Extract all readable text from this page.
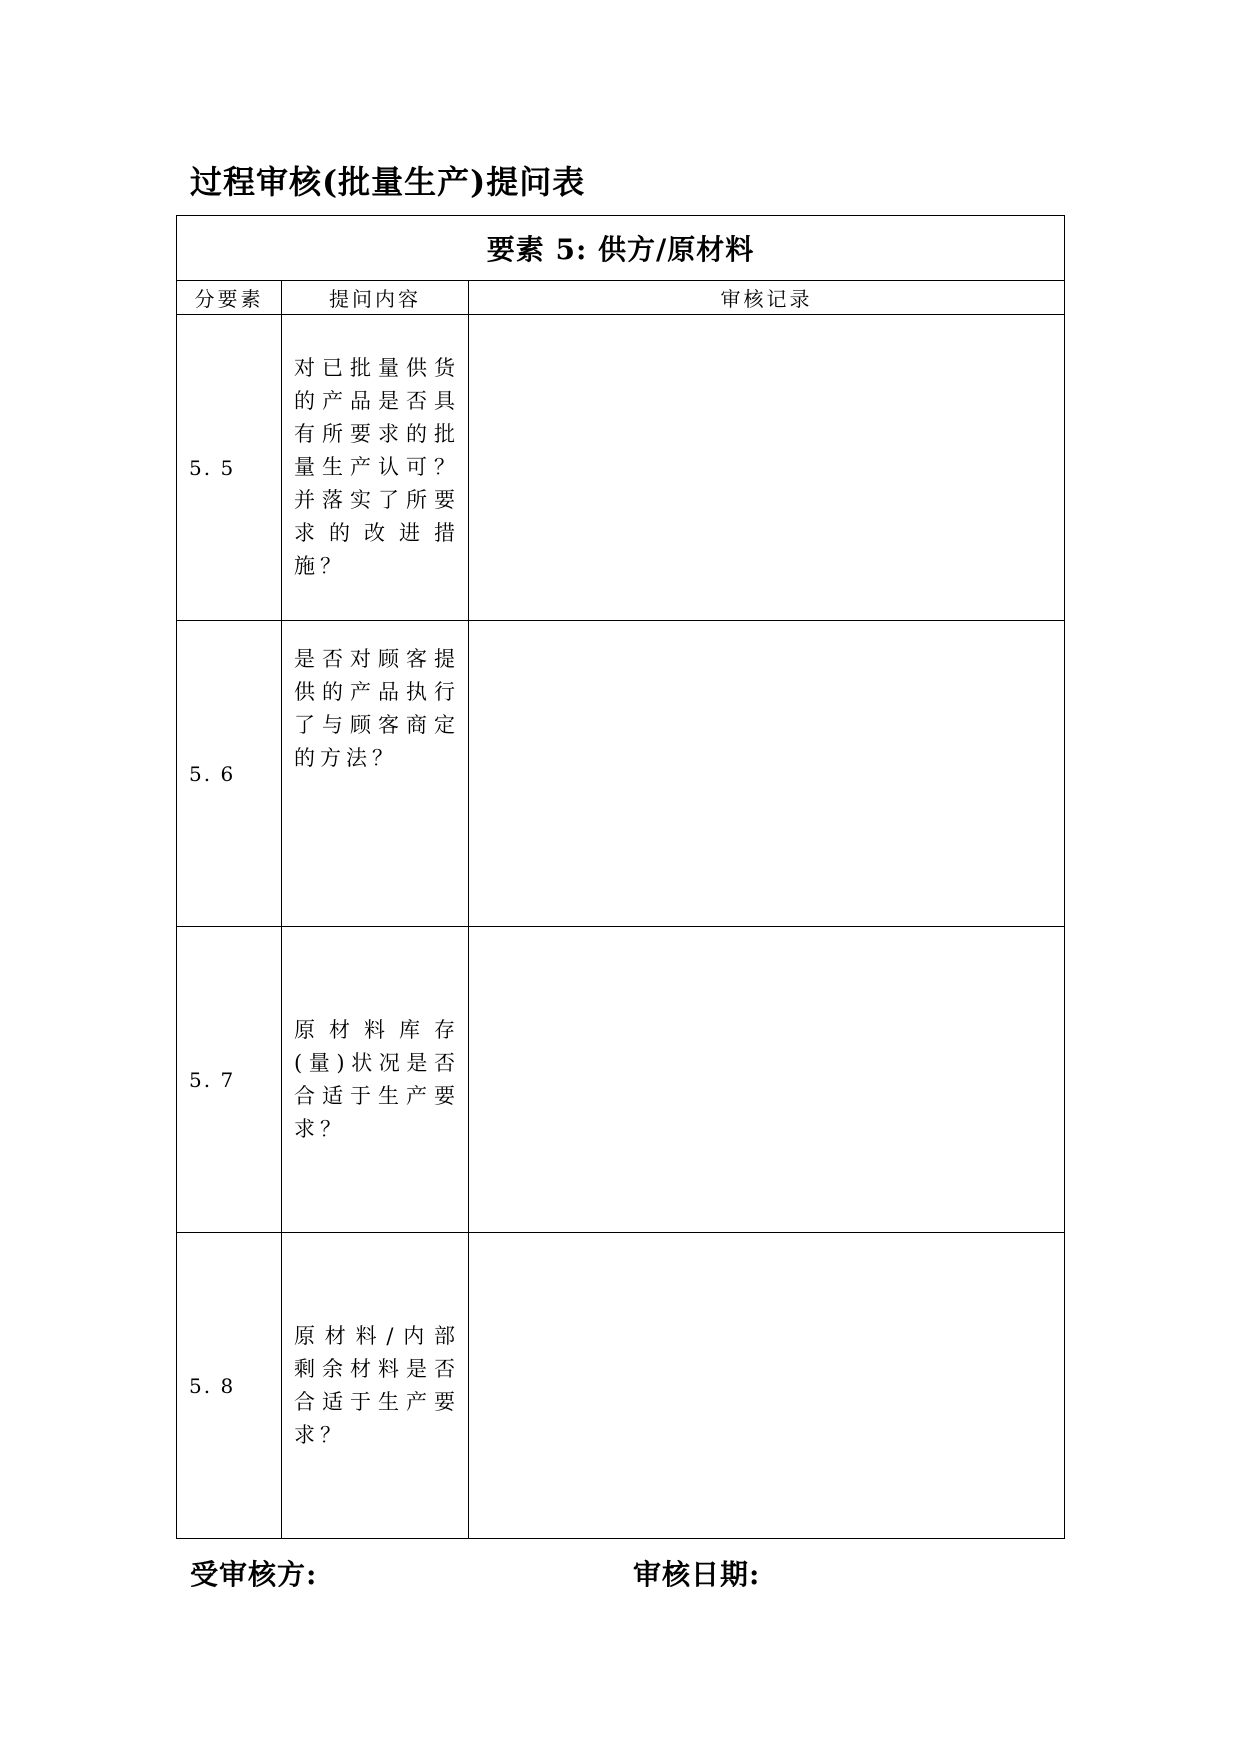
过程审核(批量生产)提问表
要素 5: 供方/原材料		
分要素	提问内容	审核记录
5. 5	对已批量供货的产品是否具有所要求的批量生产认可？并落实了所要求的改进措施？	

5. 6	是否对顾客提供的产品执行了与顾客商定的方法？	

5. 7	原材料库存(量)状况是否合适于生产要求？	

5. 8	原材料/内部剩余材料是否合适于生产要求？	

受审核方:	审核日期:
